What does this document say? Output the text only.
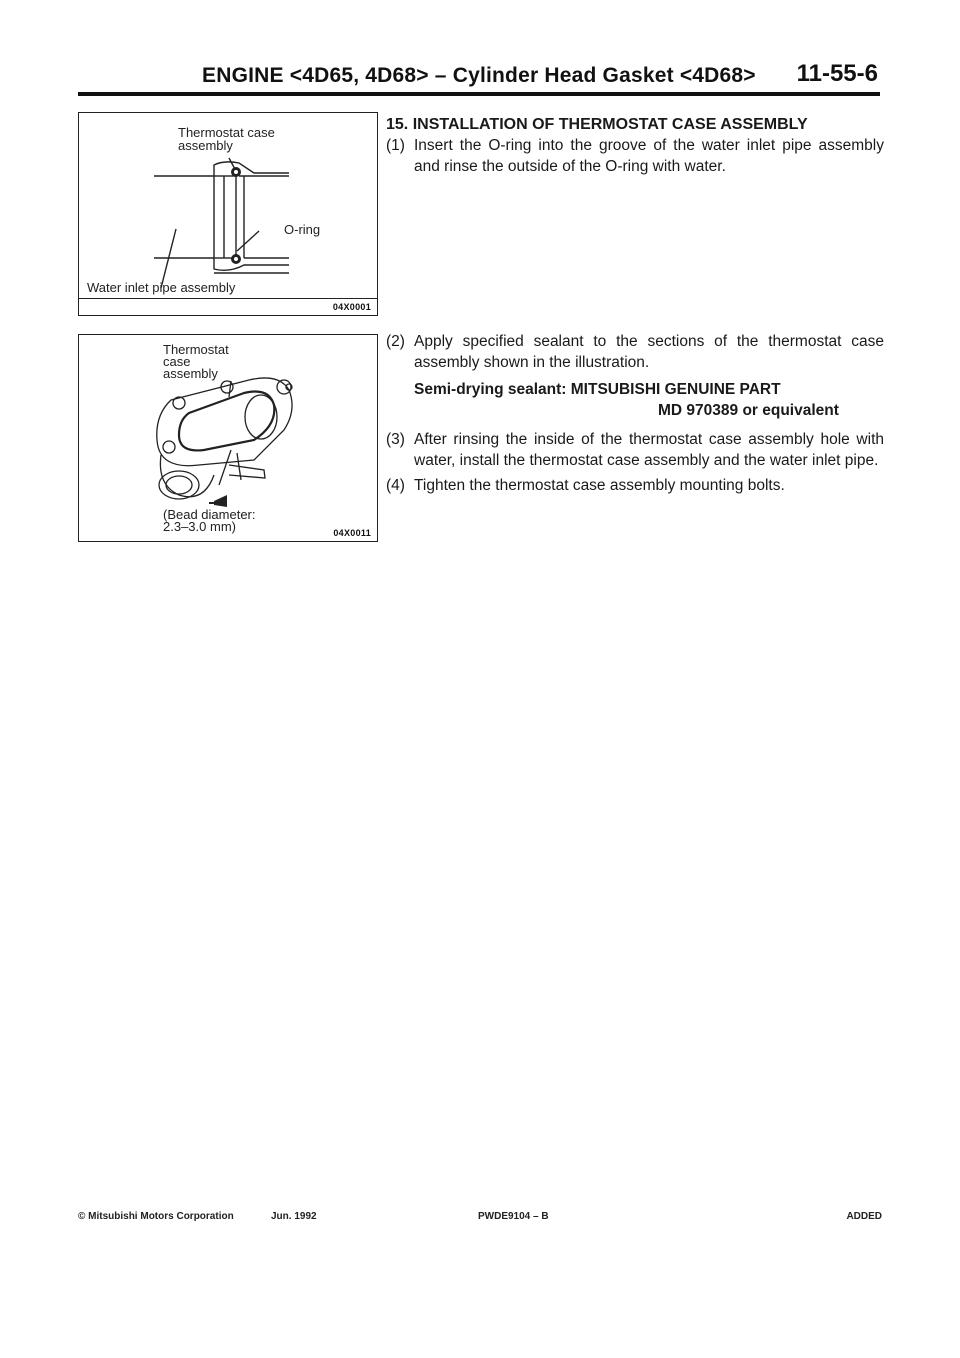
ENGINE <4D65, 4D68> – Cylinder Head Gasket <4D68> 11-55-6
Thermostat case
assembly
O-ring
Water inlet pipe assembly
04X0001
Thermostat
case
assembly
(Bead diameter:
2.3–3.0 mm)	04X0011
15. INSTALLATION OF THERMOSTAT CASE ASSEMBLY

(1) Insert the O-ring into the groove of the water inlet pipe assembly and rinse the outside of the O-ring with water.

(2) Apply specified sealant to the sections of the thermostat case assembly shown in the illustration.

Semi-drying sealant: MITSUBISHI GENUINE PART
MD 970389 or equivalent

(3) After rinsing the inside of the thermostat case assembly hole with water, install the thermostat case assembly and the water inlet pipe.

(4) Tighten the thermostat case assembly mounting bolts.

© Mitsubishi Motors Corporation	Jun. 1992	PWDE9104 – B	ADDED
